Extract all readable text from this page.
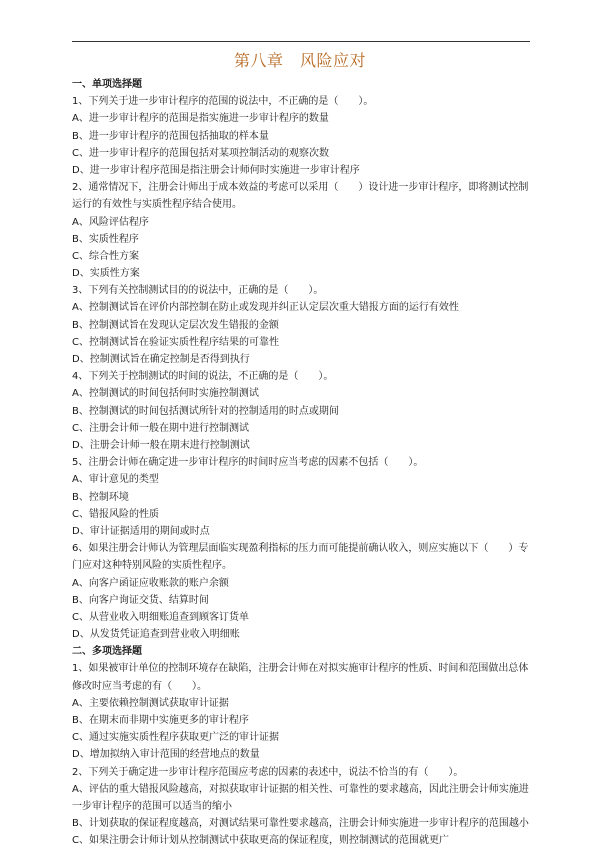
第八章　风险应对
一、单项选择题
1、下列关于进一步审计程序的范围的说法中，不正确的是（　　）。
A、进一步审计程序的范围是指实施进一步审计程序的数量
B、进一步审计程序的范围包括抽取的样本量
C、进一步审计程序的范围包括对某项控制活动的观察次数
D、进一步审计程序范围是指注册会计师何时实施进一步审计程序
2、通常情况下，注册会计师出于成本效益的考虑可以采用（　　）设计进一步审计程序，即将测试控制运行的有效性与实质性程序结合使用。
A、风险评估程序
B、实质性程序
C、综合性方案
D、实质性方案
3、下列有关控制测试目的的说法中，正确的是（　　）。
A、控制测试旨在评价内部控制在防止或发现并纠正认定层次重大错报方面的运行有效性
B、控制测试旨在发现认定层次发生错报的金额
C、控制测试旨在验证实质性程序结果的可靠性
D、控制测试旨在确定控制是否得到执行
4、下列关于控制测试的时间的说法，不正确的是（　　）。
A、控制测试的时间包括何时实施控制测试
B、控制测试的时间包括测试所针对的控制适用的时点或期间
C、注册会计师一般在期中进行控制测试
D、注册会计师一般在期末进行控制测试
5、注册会计师在确定进一步审计程序的时间时应当考虑的因素不包括（　　）。
A、审计意见的类型
B、控制环境
C、错报风险的性质
D、审计证据适用的期间或时点
6、如果注册会计师认为管理层面临实现盈利指标的压力而可能提前确认收入，则应实施以下（　　）专门应对这种特别风险的实质性程序。
A、向客户函证应收账款的账户余额
B、向客户询证交货、结算时间
C、从营业收入明细账追查到顾客订货单
D、从发货凭证追查到营业收入明细账
二、多项选择题
1、如果被审计单位的控制环境存在缺陷，注册会计师在对拟实施审计程序的性质、时间和范围做出总体修改时应当考虑的有（　　）。
A、主要依赖控制测试获取审计证据
B、在期末而非期中实施更多的审计程序
C、通过实施实质性程序获取更广泛的审计证据
D、增加拟纳入审计范围的经营地点的数量
2、下列关于确定进一步审计程序范围应考虑的因素的表述中，说法不恰当的有（　　）。
A、评估的重大错报风险越高，对拟获取审计证据的相关性、可靠性的要求越高，因此注册会计师实施进一步审计程序的范围可以适当的缩小
B、计划获取的保证程度越高，对测试结果可靠性要求越高，注册会计师实施进一步审计程序的范围越小
C、如果注册会计师计划从控制测试中获取更高的保证程度，则控制测试的范围就更广
